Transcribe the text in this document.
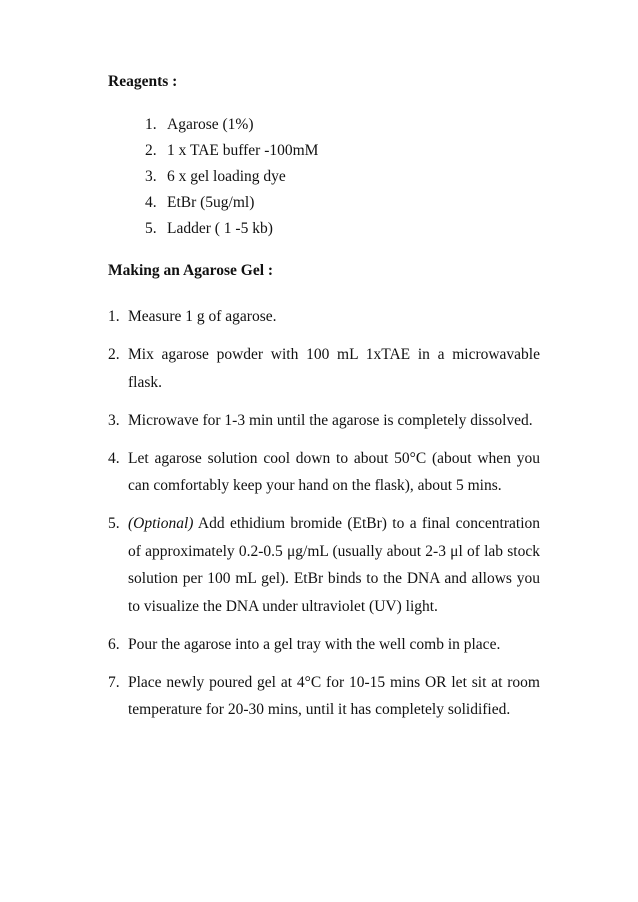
Reagents :
1. Agarose (1%)
2. 1 x TAE buffer -100mM
3. 6 x gel loading dye
4. EtBr (5ug/ml)
5. Ladder ( 1 -5 kb)
Making an Agarose Gel :
1. Measure 1 g of agarose.
2. Mix agarose powder with 100 mL 1xTAE in a microwavable flask.
3. Microwave for 1-3 min until the agarose is completely dissolved.
4. Let agarose solution cool down to about 50°C (about when you can comfortably keep your hand on the flask), about 5 mins.
5. (Optional) Add ethidium bromide (EtBr) to a final concentration of approximately 0.2-0.5 μg/mL (usually about 2-3 μl of lab stock solution per 100 mL gel). EtBr binds to the DNA and allows you to visualize the DNA under ultraviolet (UV) light.
6. Pour the agarose into a gel tray with the well comb in place.
7. Place newly poured gel at 4°C for 10-15 mins OR let sit at room temperature for 20-30 mins, until it has completely solidified.
